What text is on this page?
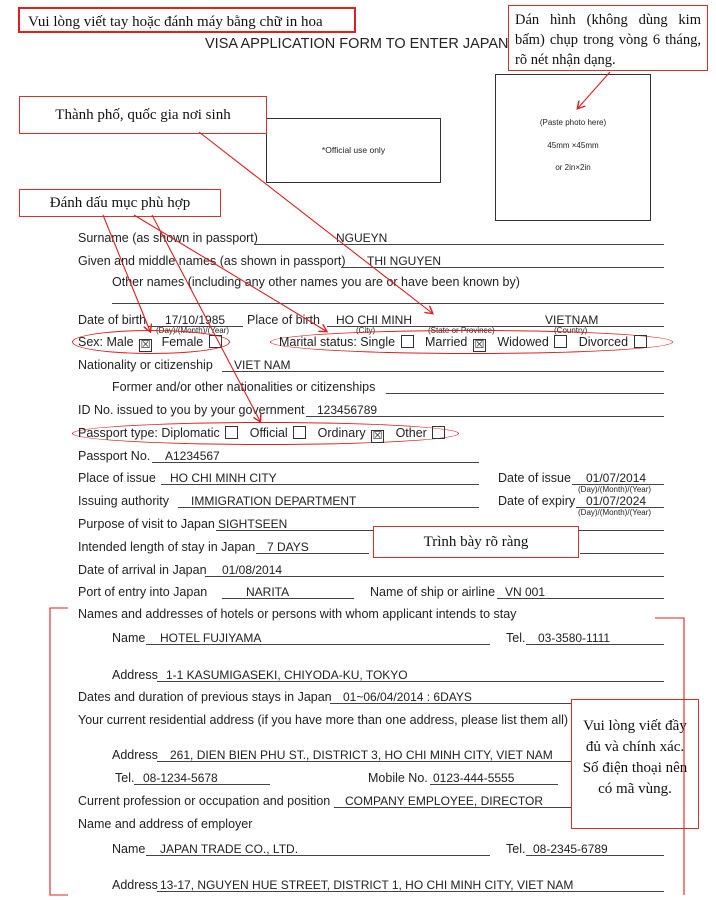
VISA APPLICATION FORM TO ENTER JAPAN
Vui lòng viết tay hoặc đánh máy bằng chữ in hoa	Dán hình (không dùng kim bấm) chụp trong vòng 6 tháng, rõ nét nhận dạng.
*Official use only
(Paste photo here)
45mm ×45mm
or 2in×2in
Thành phố, quốc gia nơi sinh
Đánh dấu mục phù hợp
Surname (as shown in passport)	NGUEYN
Given and middle names (as shown in passport) THI NGUYEN
Other names (including any other names you are or have been known by)
Date of birth 17/10/1985
(Day)/(Month)/(Year)
Place of birth HO CHI MINH	VIETNAM
(City)	(State or Province)	(Country)
Sex: Male ☒ Female	Marital status: Single Married ☒ Widowed Divorced
Nationality or citizenship VIET NAM
Former and/or other nationalities or citizenships
ID No. issued to you by your government 123456789
Passport type: Diplomatic Official Ordinary ☒ Other
Passport No. A1234567
Place of issue HO CHI MINH CITY	Date of issue 01/07/2014
(Day)/(Month)/(Year)
Issuing authority IMMIGRATION DEPARTMENT	Date of expiry 01/07/2024
(Day)/(Month)/(Year)
Purpose of visit to Japan SIGHTSEEN
Trình bày rõ ràng
Intended length of stay in Japan 7 DAYS
Date of arrival in Japan 01/08/2014
Port of entry into Japan	NARITA	Name of ship or airline VN 001
Names and addresses of hotels or persons with whom applicant intends to stay
Name HOTEL FUJIYAMA	Tel. 03-3580-1111
Address 1-1 KASUMIGASEKI, CHIYODA-KU, TOKYO
Dates and duration of previous stays in Japan 01~06/04/2014 : 6DAYS
Your current residential address (if you have more than one address, please list them all)
Address 261, DIEN BIEN PHU ST., DISTRICT 3, HO CHI MINH CITY, VIET NAM
Tel. 08-1234-5678	Mobile No. 0123-444-5555
Current profession or occupation and position COMPANY EMPLOYEE, DIRECTOR
Name and address of employer
Name JAPAN TRADE CO., LTD.	Tel. 08-2345-6789
Address 13-17, NGUYEN HUE STREET, DISTRICT 1, HO CHI MINH CITY, VIET NAM
Vui lòng viết đầy đủ và chính xác. Số điện thoại nên có mã vùng.
